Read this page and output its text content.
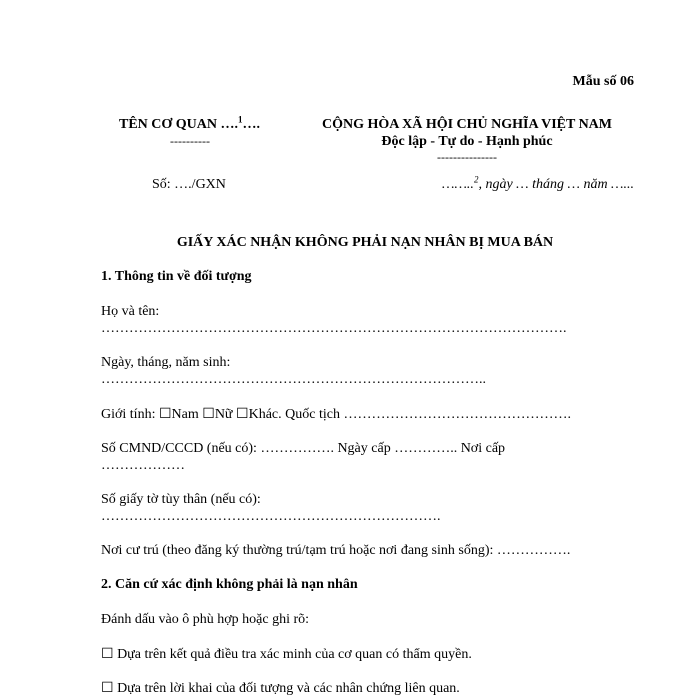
Mẫu số 06
TÊN CƠ QUAN ….$^1$….
----------
CỘNG HÒA XÃ HỘI CHỦ NGHĨA VIỆT NAM
Độc lập - Tự do - Hạnh phúc
---------------
Số: …./GXN	……..$^2$, ngày … tháng … năm …...
GIẤY XÁC NHẬN KHÔNG PHẢI NẠN NHÂN BỊ MUA BÁN
1. Thông tin về đối tượng
Họ và tên:
……………………………………………………………………………………….
Ngày, tháng, năm sinh:
………………………………………………………………………..
Giới tính: ☐Nam ☐Nữ ☐Khác. Quốc tịch ………………………………………….
Số CMND/CCCD (nếu có): ……………. Ngày cấp ………….. Nơi cấp
………………
Số giấy tờ tùy thân (nếu có):
……………………………………………………………….
Nơi cư trú (theo đăng ký thường trú/tạm trú hoặc nơi đang sinh sống): …………….
2. Căn cứ xác định không phải là nạn nhân
Đánh dấu vào ô phù hợp hoặc ghi rõ:
☐ Dựa trên kết quả điều tra xác minh của cơ quan có thẩm quyền.
☐ Dựa trên lời khai của đối tượng và các nhân chứng liên quan.
